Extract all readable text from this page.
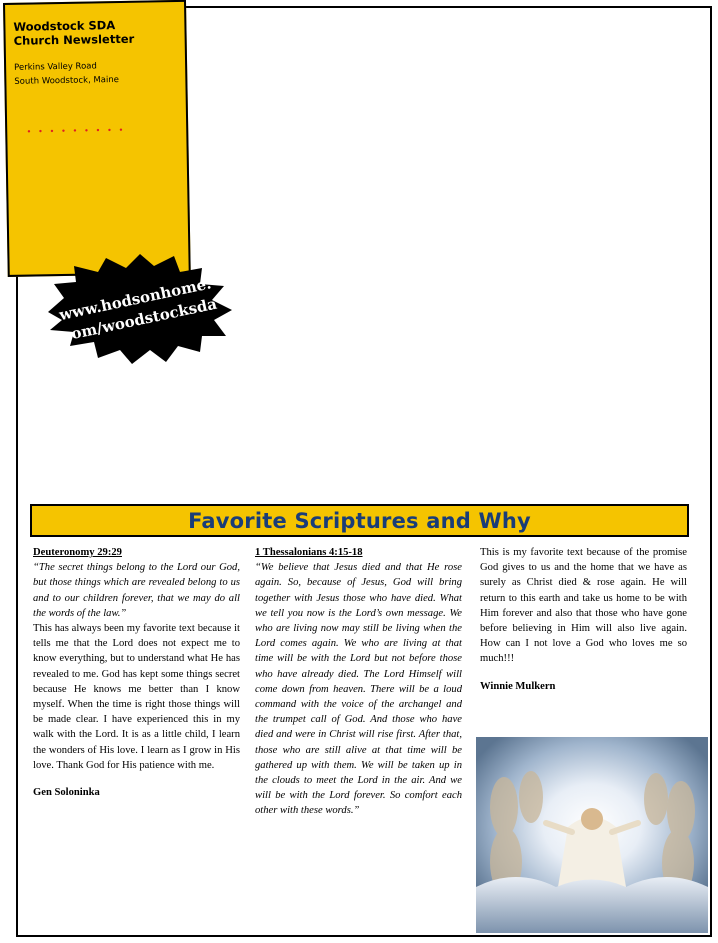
Woodstock SDA
Church Newsletter
Perkins Valley Road
South Woodstock, Maine
•••••••••
www.hodsonhome.
com/woodstocksda
Favorite Scriptures and Why
Deuteronomy 29:29
“The secret things belong to the Lord our God, but those things which are revealed belong to us and to our children forever, that we may do all the words of the law.”
This has always been my favorite text because it tells me that the Lord does not expect me to know everything, but to understand what He has revealed to me. God has kept some things secret because He knows me better than I know myself. When the time is right those things will be made clear. I have experienced this in my walk with the Lord. It is as a little child, I learn the wonders of His love. I learn as I grow in His love. Thank God for His patience with me.
Gen Soloninka
1 Thessalonians 4:15-18
“We believe that Jesus died and that He rose again. So, because of Jesus, God will bring together with Jesus those who have died. What we tell you now is the Lord’s own message. We who are living now may still be living when the Lord comes again. We who are living at that time will be with the Lord but not before those who have already died. The Lord Himself will come down from heaven. There will be a loud command with the voice of the archangel and the trumpet call of God. And those who have died and were in Christ will rise first. After that, those who are still alive at that time will be gathered up with them. We will be taken up in the clouds to meet the Lord in the air. And we will be with the Lord forever. So comfort each other with these words.”
This is my favorite text because of the promise God gives to us and the home that we have as surely as Christ died & rose again. He will return to this earth and take us home to be with Him forever and also that those who have gone before believing in Him will also live again. How can I not love a God who loves me so much!!!
Winnie Mulkern
